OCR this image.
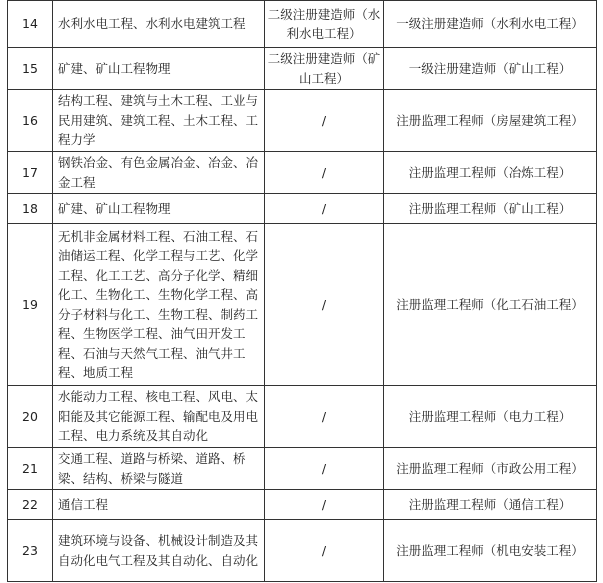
14	水利水电工程、水利水电建筑工程	二级注册建造师（水利水电工程）	一级注册建造师（水利水电工程）
15	矿建、矿山工程物理	二级注册建造师（矿山工程）	一级注册建造师（矿山工程）
16	结构工程、建筑与土木工程、工业与民用建筑、建筑工程、土木工程、工程力学	/	注册监理工程师（房屋建筑工程）
17	钢铁冶金、有色金属冶金、冶金、冶金工程	/	注册监理工程师（冶炼工程）
18	矿建、矿山工程物理	/	注册监理工程师（矿山工程）
19	无机非金属材料工程、石油工程、石油储运工程、化学工程与工艺、化学工程、化工工艺、高分子化学、精细化工、生物化工、生物化学工程、高分子材料与化工、生物工程、制药工程、生物医学工程、油气田开发工程、石油与天然气工程、油气井工程、地质工程	/	注册监理工程师（化工石油工程）
20	水能动力工程、核电工程、风电、太阳能及其它能源工程、输配电及用电工程、电力系统及其自动化	/	注册监理工程师（电力工程）
21	交通工程、道路与桥梁、道路、桥梁、结构、桥梁与隧道	/	注册监理工程师（市政公用工程）
22	通信工程	/	注册监理工程师（通信工程）
23	建筑环境与设备、机械设计制造及其自动化电气工程及其自动化、自动化	/	注册监理工程师（机电安装工程）
